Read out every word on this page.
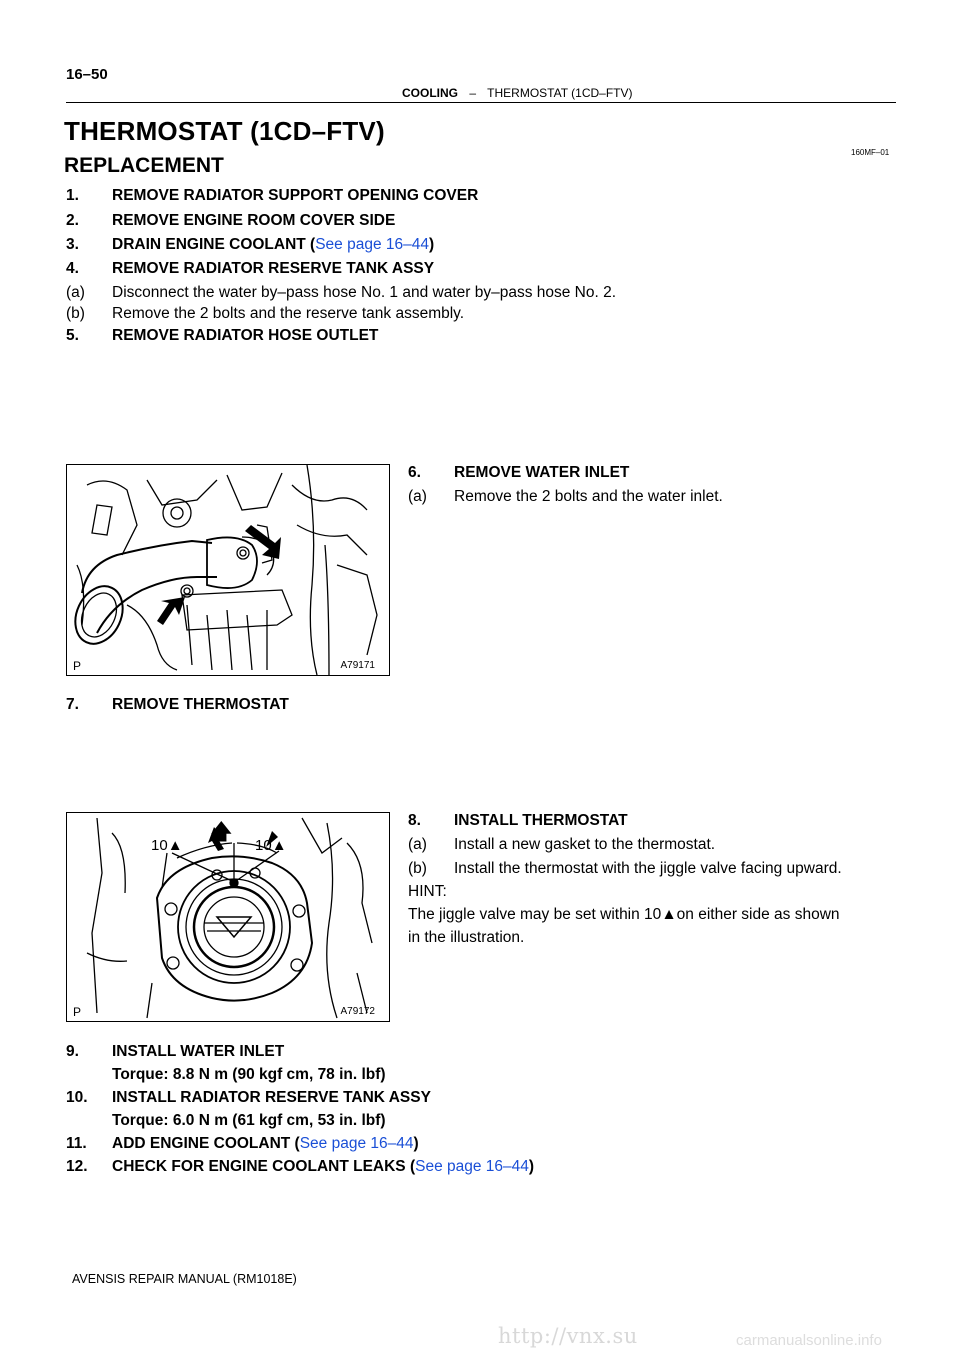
16–50
COOLING – THERMOSTAT (1CD–FTV)
THERMOSTAT (1CD–FTV)
160MF–01
REPLACEMENT
1. REMOVE RADIATOR SUPPORT OPENING COVER
2. REMOVE ENGINE ROOM COVER SIDE
3. DRAIN ENGINE COOLANT (See page 16–44)
4. REMOVE RADIATOR RESERVE TANK ASSY
(a) Disconnect the water by–pass hose No. 1 and water by–pass hose No. 2.
(b) Remove the 2 bolts and the reserve tank assembly.
5. REMOVE RADIATOR HOSE OUTLET
P	A79171
6. REMOVE WATER INLET
(a) Remove the 2 bolts and the water inlet.
7. REMOVE THERMOSTAT
10▲	10▲
🡅
P	A79172
8. INSTALL THERMOSTAT
(a) Install a new gasket to the thermostat.
(b) Install the thermostat with the jiggle valve facing upward.
HINT:
The jiggle valve may be set within 10▲on either side as shown
in the illustration.
9. INSTALL WATER INLET
Torque: 8.8 N m (90 kgf cm, 78 in. lbf)
10. INSTALL RADIATOR RESERVE TANK ASSY
Torque: 6.0 N m (61 kgf cm, 53 in. lbf)
11. ADD ENGINE COOLANT (See page 16–44)
12. CHECK FOR ENGINE COOLANT LEAKS (See page 16–44)
AVENSIS REPAIR MANUAL (RM1018E)
http://vnx.su	carmanualsonline.info
